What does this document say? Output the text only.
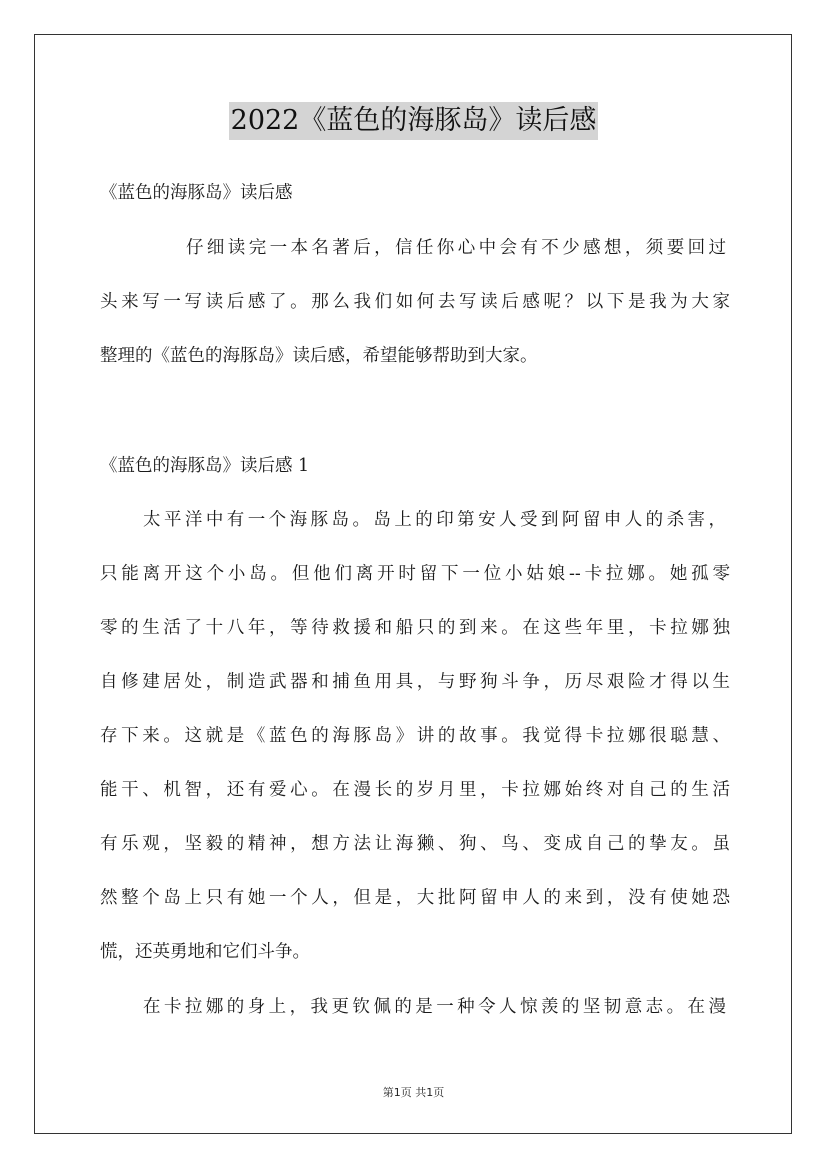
2022《蓝色的海豚岛》读后感
《蓝色的海豚岛》读后感
仔细读完一本名著后，信任你心中会有不少感想，须要回过
头来写一写读后感了。那么我们如何去写读后感呢？以下是我为大家
整理的《蓝色的海豚岛》读后感，希望能够帮助到大家。
《蓝色的海豚岛》读后感 1
太平洋中有一个海豚岛。岛上的印第安人受到阿留申人的杀害，
只能离开这个小岛。但他们离开时留下一位小姑娘--卡拉娜。她孤零
零的生活了十八年，等待救援和船只的到来。在这些年里，卡拉娜独
自修建居处，制造武器和捕鱼用具，与野狗斗争，历尽艰险才得以生
存下来。这就是《蓝色的海豚岛》讲的故事。我觉得卡拉娜很聪慧、
能干、机智，还有爱心。在漫长的岁月里，卡拉娜始终对自己的生活
有乐观，坚毅的精神，想方法让海獭、狗、鸟、变成自己的挚友。虽
然整个岛上只有她一个人，但是，大批阿留申人的来到，没有使她恐
慌，还英勇地和它们斗争。
在卡拉娜的身上，我更钦佩的是一种令人惊羡的坚韧意志。在漫
第1页 共1页
